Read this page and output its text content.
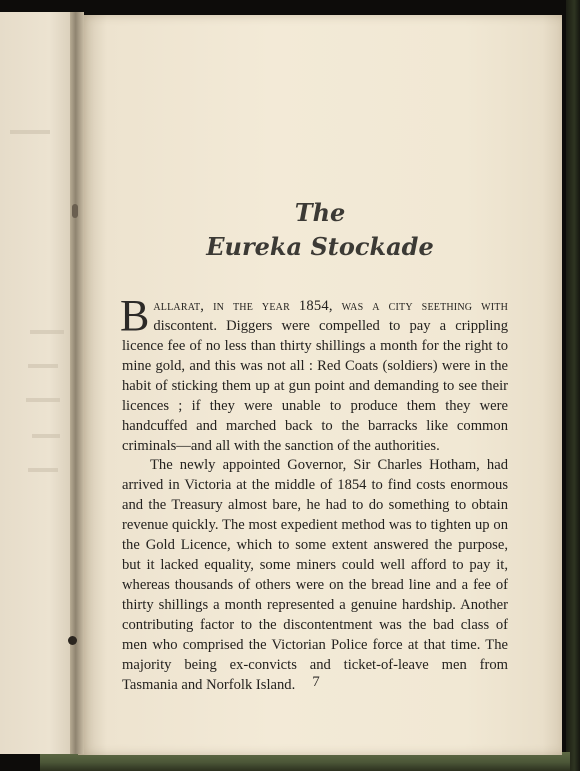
The
Eureka Stockade

Ballarat, in the year 1854, was a city seething with discontent. Diggers were compelled to pay a crippling licence fee of no less than thirty shillings a month for the right to mine gold, and this was not all : Red Coats (soldiers) were in the habit of sticking them up at gun point and demanding to see their licences ; if they were unable to produce them they were handcuffed and marched back to the barracks like common criminals—and all with the sanction of the authorities.

The newly appointed Governor, Sir Charles Hotham, had arrived in Victoria at the middle of 1854 to find costs enormous and the Treasury almost bare, he had to do something to obtain revenue quickly. The most expedient method was to tighten up on the Gold Licence, which to some extent answered the purpose, but it lacked equality, some miners could well afford to pay it, whereas thousands of others were on the bread line and a fee of thirty shillings a month represented a genuine hardship. Another contributing factor to the discontentment was the bad class of men who comprised the Victorian Police force at that time. The majority being ex-convicts and ticket-of-leave men from Tasmania and Norfolk Island.	7
